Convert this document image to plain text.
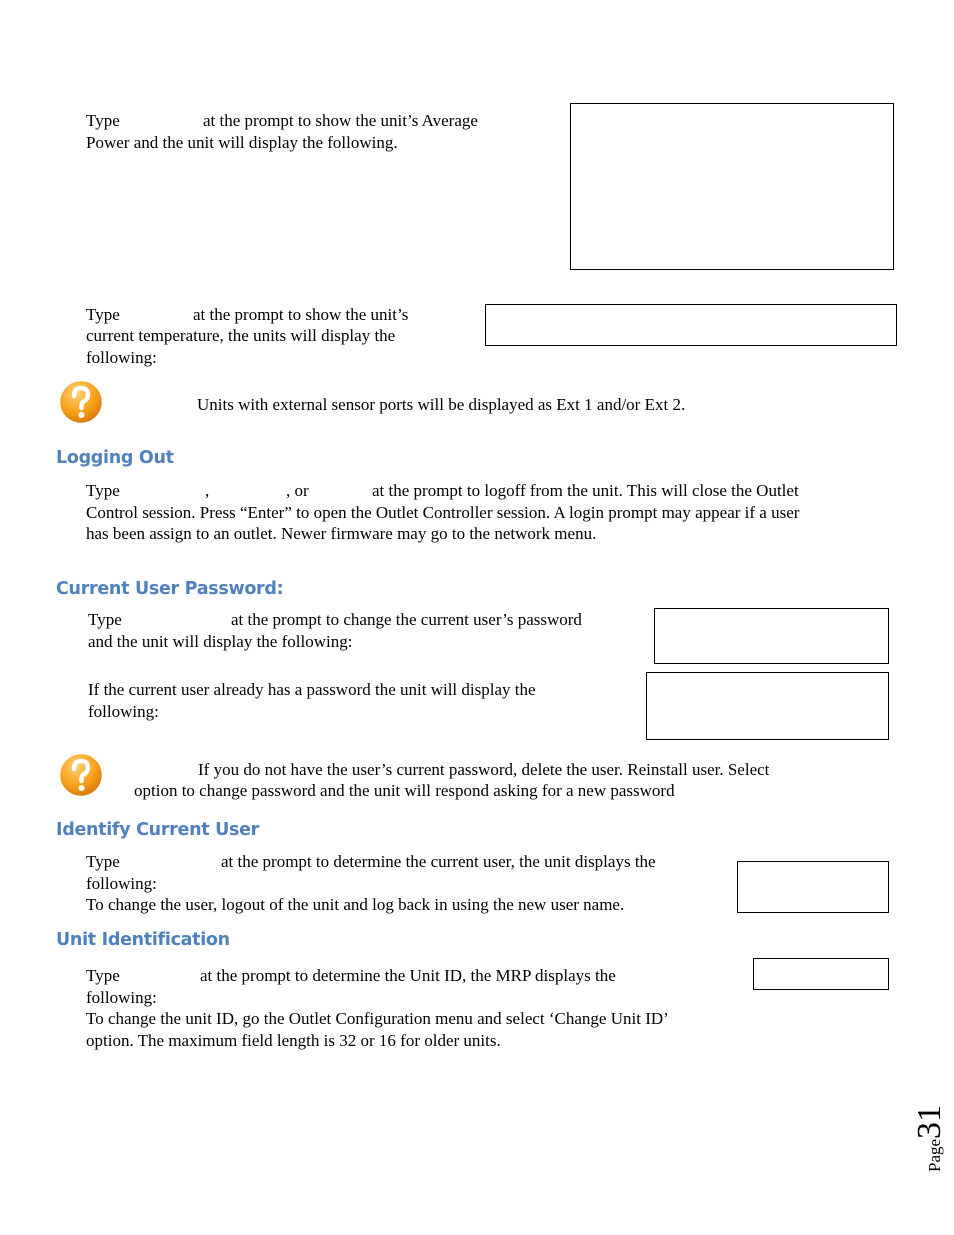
Type	at the prompt to show the unit’s Average
Power and the unit will display the following.
Type	at the prompt to show the unit’s
current temperature, the units will display the
following:
Units with external sensor ports will be displayed as Ext 1 and/or Ext 2.
Logging Out
Type	,	, or	at the prompt to logoff from the unit. This will close the Outlet
Control session. Press “Enter” to open the Outlet Controller session. A login prompt may appear if a user
has been assign to an outlet. Newer firmware may go to the network menu.
Current User Password:
Type	at the prompt to change the current user’s password
and the unit will display the following:
If the current user already has a password the unit will display the
following:
If you do not have the user’s current password, delete the user. Reinstall user. Select
option to change password and the unit will respond asking for a new password
Identify Current User
Type	at the prompt to determine the current user, the unit displays the
following:
To change the user, logout of the unit and log back in using the new user name.
Unit Identification
Type	at the prompt to determine the Unit ID, the MRP displays the
following:
To change the unit ID, go the Outlet Configuration menu and select ‘Change Unit ID’
option. The maximum field length is 32 or 16 for older units.
Page31
